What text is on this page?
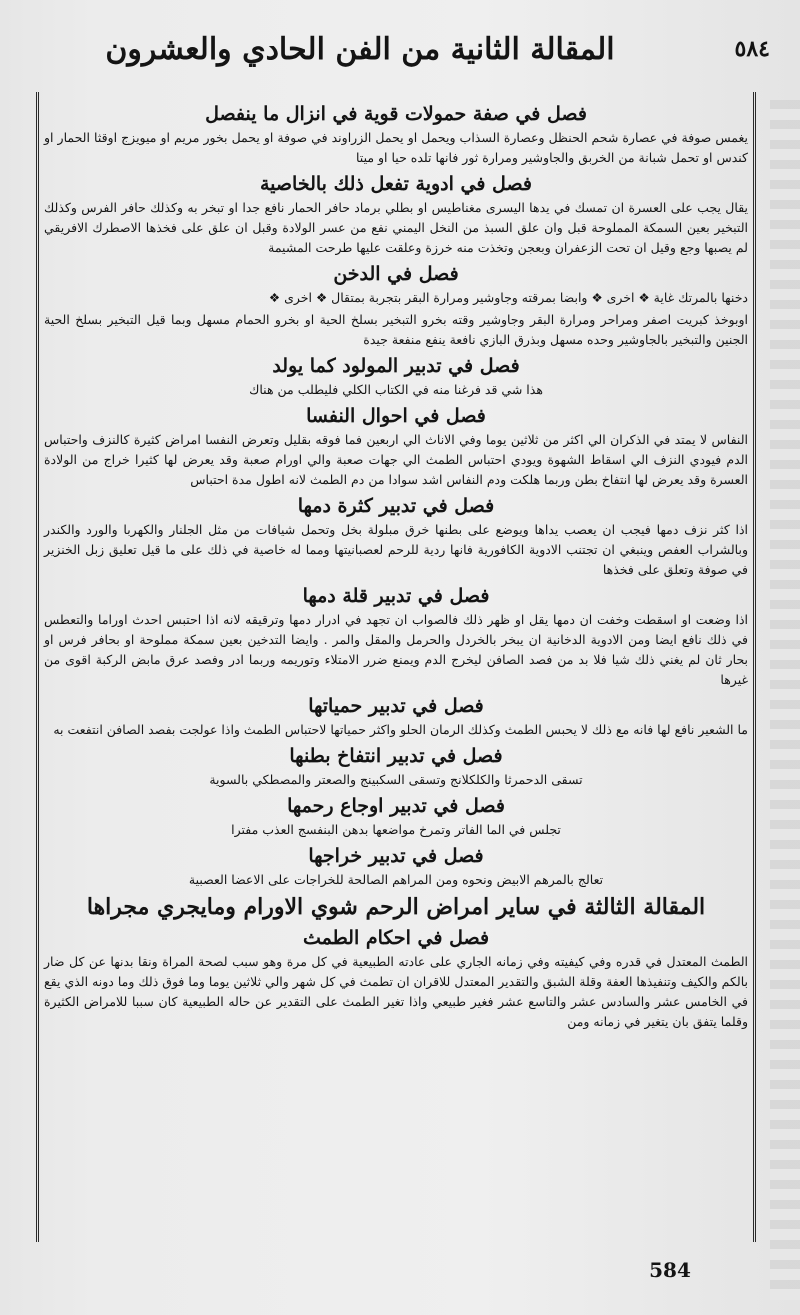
المقالة الثانية من الفن الحادي والعشرون	٥٨٤
فصل في صفة حمولات قوية في انزال ما ينفصل
يغمس صوفة في عصارة شحم الحنظل وعصارة السذاب ويحمل او يحمل الزراوند في صوفة او يحمل بخور مريم او ميويزج اوقثا الحمار او كندس او تحمل شبانة من الخربق والجاوشير ومرارة ثور فانها تلده حيا او ميتا
فصل في ادوية تفعل ذلك بالخاصية
يقال يجب على العسرة ان تمسك في يدها اليسرى مغناطيس او بطلي برماد حافر الحمار نافع جدا او تبخر به وكذلك حافر الفرس وكذلك التبخير بعين السمكة المملوحة قبل وان علق السبذ من النخل اليمني نفع من عسر الولادة وقبل ان علق على فخذها الاصطرك الافريقي لم يصبها وجع وقيل ان تحت الزعفران وبعجن وتخذت منه خرزة وعلقت عليها طرحت المشيمة
فصل في الدخن
دخنها بالمرتك غاية ❖ اخرى ❖ وابضا بمرقته وجاوشير ومرارة البقر بتجربة بمتقال ❖ اخرى ❖
اوبوخذ كبريت اصفر ومراحر ومرارة البقر وجاوشير وقته بخرو التبخير بسلخ الحية او بخرو الحمام مسهل وبما قيل التبخير بسلخ الحية الجنين والتبخير بالجاوشير وحده مسهل وبذرق البازي نافعة ينفع منفعة جيدة
فصل في تدبير المولود كما يولد
هذا شي قد فرغنا منه في الكتاب الكلي فليطلب من هناك
فصل في احوال النفسا
النفاس لا يمتد في الذكران الي اكثر من ثلاثين يوما وفي الاناث الي اربعين فما فوقه بقليل وتعرض النفسا امراض كثيرة كالنزف واحتباس الدم فيودي النزف الي اسقاط الشهوة ويودي احتباس الطمث الي جهات صعبة والي اورام صعبة وقد يعرض لها كثيرا خراج من الولادة العسرة وقد يعرض لها انتفاخ بطن وربما هلكت ودم النفاس اشد سوادا من دم الطمث لانه اطول مدة احتباس
فصل في تدبير كثرة دمها
اذا كثر نزف دمها فيجب ان يعصب يداها ويوضع على بطنها خرق مبلولة بخل وتحمل شيافات من مثل الجلنار والكهربا والورد والكندر وبالشراب العفص وينبغي ان تجتنب الادوية الكافورية فانها ردية للرحم لعصبانيتها ومما له خاصية في ذلك على ما قيل تعليق زبل الخنزير في صوفة وتعلق على فخذها
فصل في تدبير قلة دمها
اذا وضعت او اسقطت وخفت ان دمها يقل او ظهر ذلك فالصواب ان تجهد في ادرار دمها وترقيقه لانه اذا احتبس احدث اوراما والتعطس في ذلك نافع ايضا ومن الادوية الدخانية ان يبخر بالخردل والحرمل والمقل والمر . وايضا التدخين بعين سمكة مملوحة او بحافر فرس او بحار ثان لم يغني ذلك شيا فلا بد من فصد الصافن ليخرج الدم ويمنع ضرر الامتلاء وتوريمه وربما ادر وفصد عرق مابض الركبة اقوى من غيرها
فصل في تدبير حمياتها
ما الشعير نافع لها فانه مع ذلك لا يحبس الطمث وكذلك الرمان الحلو واكثر حمياتها لاحتباس الطمث واذا عولجت بفصد الصافن انتفعت به
فصل في تدبير انتفاخ بطنها
تسقى الدحمرثا والكلكلانج وتسقى السكبينج والصعتر والمصطكي بالسوية
فصل في تدبير اوجاع رحمها
تجلس في الما الفاتر وتمرخ مواضعها بدهن البنفسج العذب مفترا
فصل في تدبير خراجها
تعالج بالمرهم الابيض ونحوه ومن المراهم الصالحة للخراجات على الاعضا العصبية
المقالة الثالثة في ساير امراض الرحم شوي الاورام ومايجري مجراها
فصل في احكام الطمث
الطمث المعتدل في قدره وفي كيفيته وفي زمانه الجاري على عادته الطبيعية في كل مرة وهو سبب لصحة المراة ونقا بدنها عن كل ضار بالكم والكيف وتنفيذها العفة وقلة الشبق والتقدير المعتدل للاقران ان تطمث في كل شهر والي ثلاثين يوما وما فوق ذلك وما دونه الذي يقع في الخامس عشر والسادس عشر والتاسع عشر فغير طبيعي واذا تغير الطمث على التقدير عن حاله الطبيعية كان سببا للامراض الكثيرة وقلما يتفق بان يتغير في زمانه ومن
584
